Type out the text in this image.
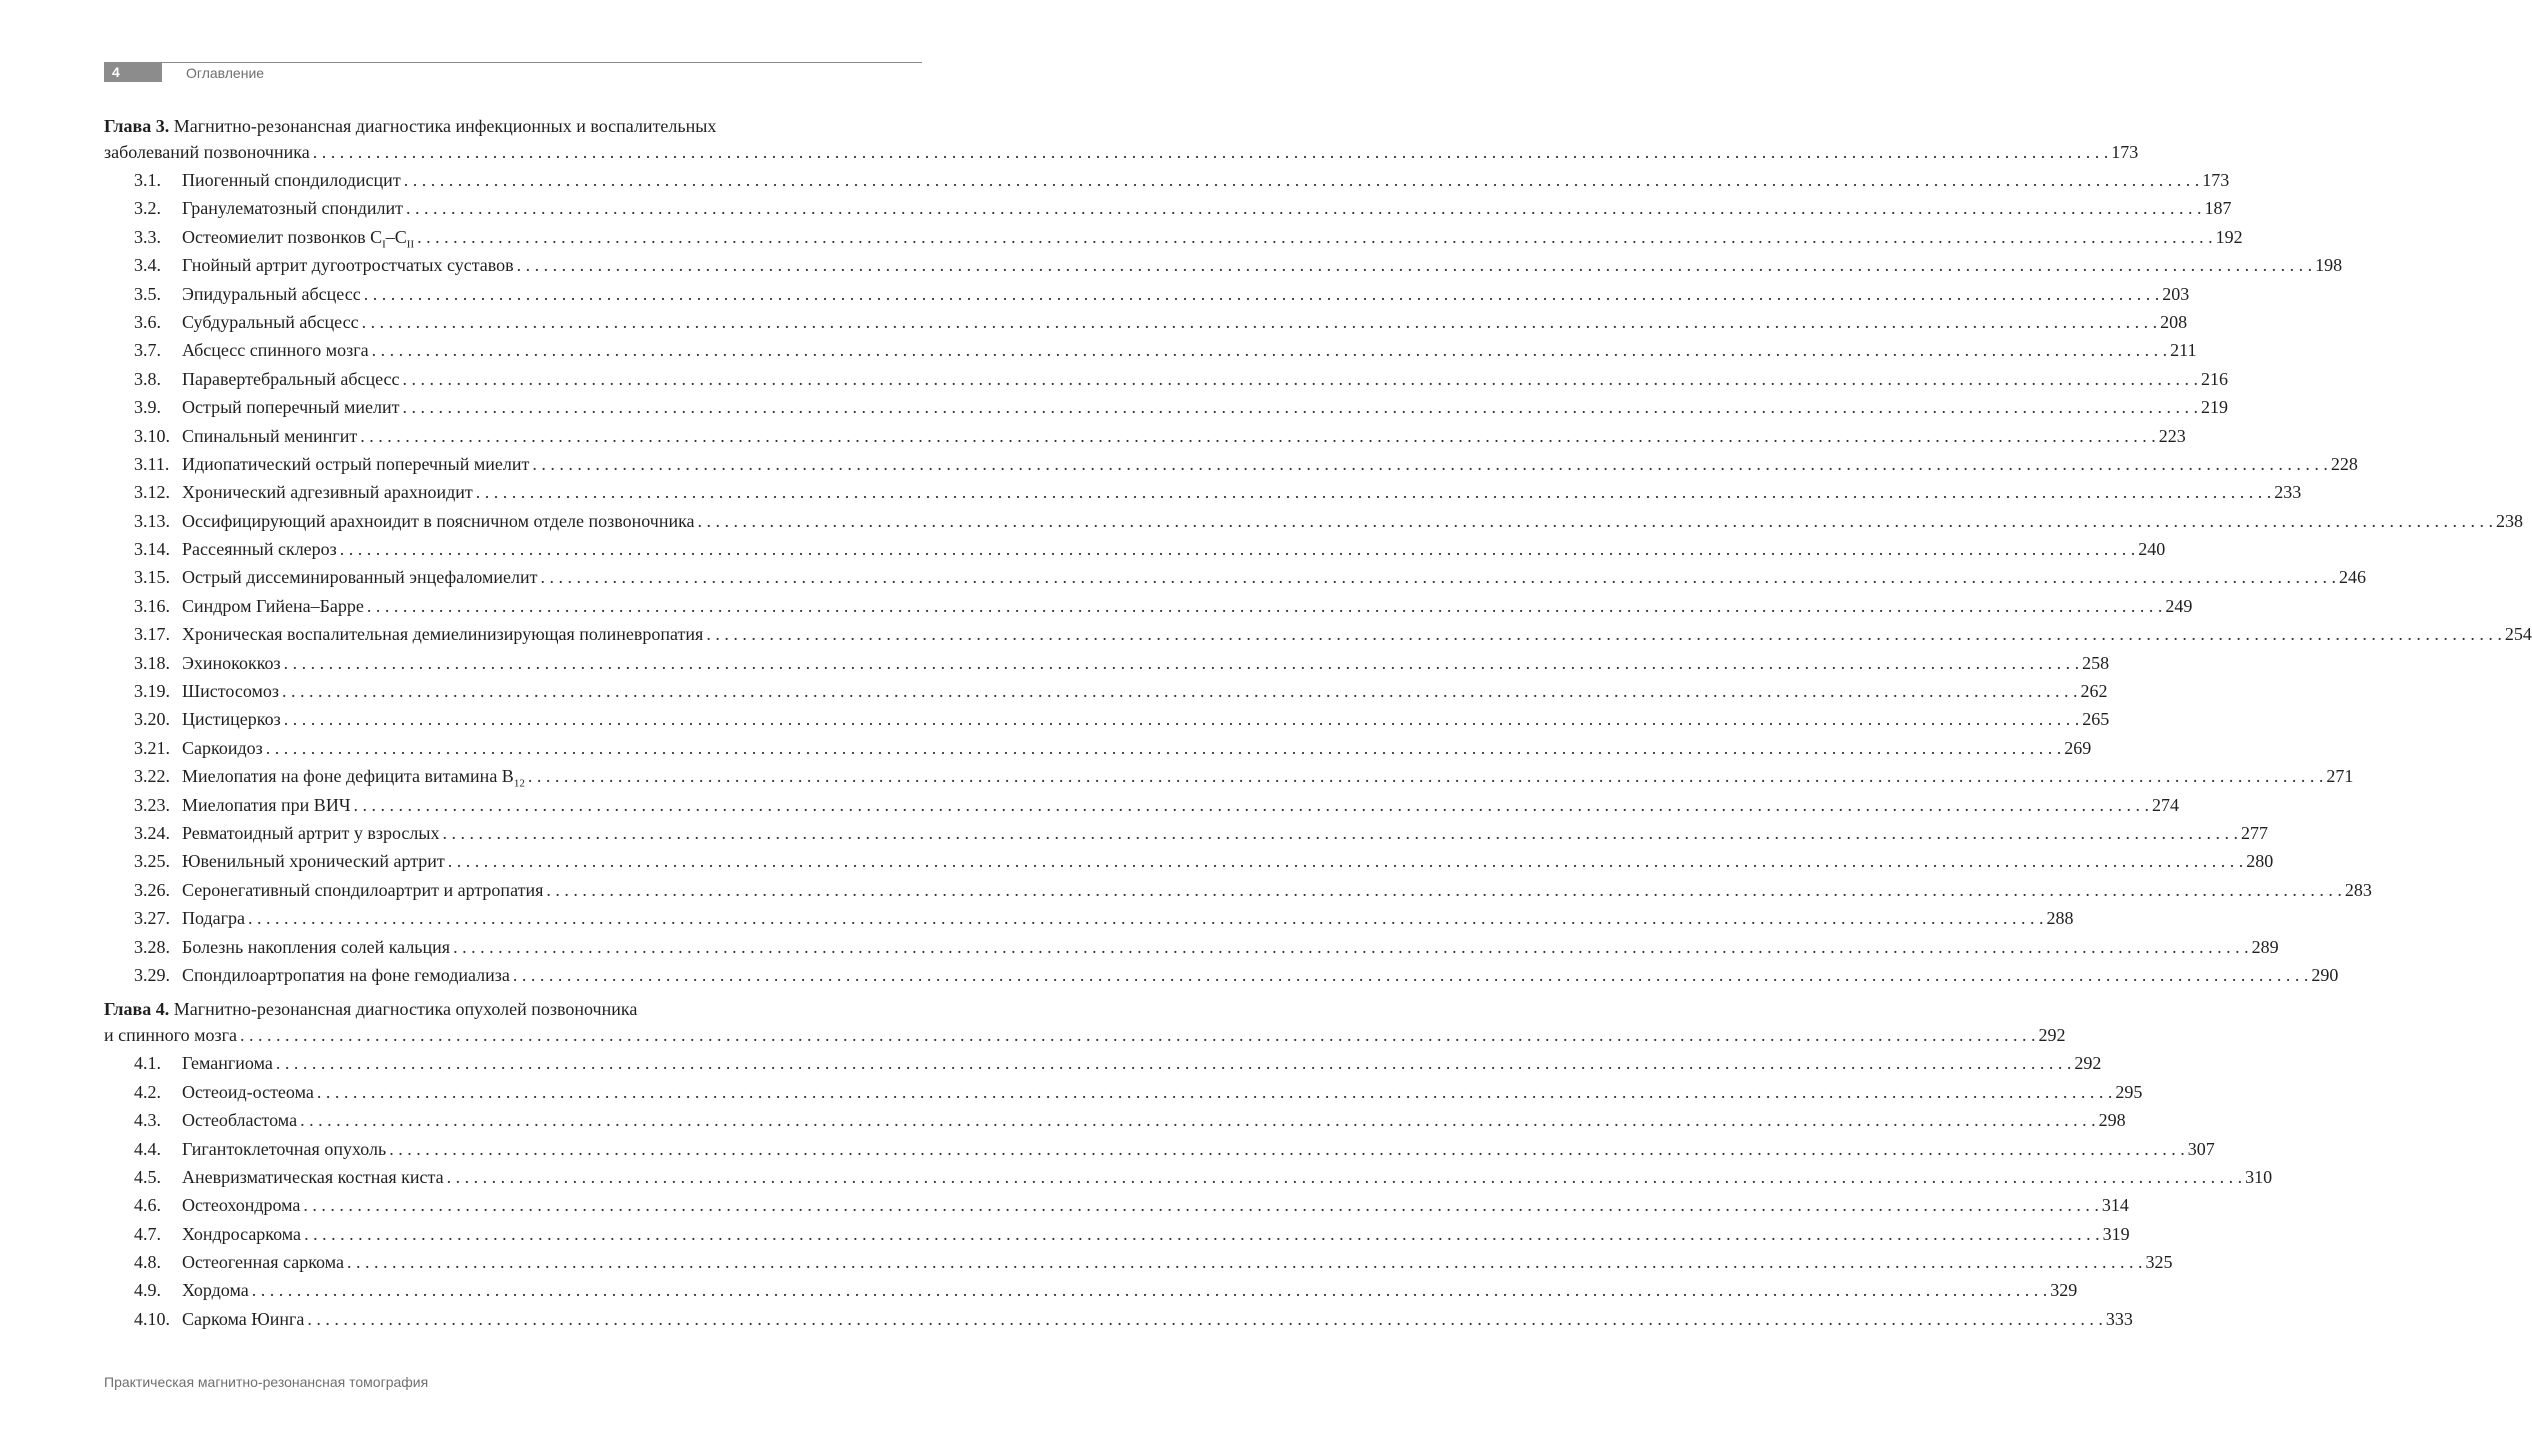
4	Оглавление
Глава 3. Магнитно-резонансная диагностика инфекционных и воспалительных
заболеваний позвоночника . . . . . . . . . . . . . . . . . . . . . . . . . . . . . . . . . . . . . . . . . . . . . . . . . . . . . . . . . . . . . . . . . . . . . . . . . . . . . . . . . . . . . . . . . . . . . . . . . . . . . . . . . . . . . . . . . . . . . . . . . . . . . . . . . . . . . . . . . . . . . . . . . . . . . . . . . . . . . . . . . . . . . . . . . . . . . . . . . . . . . . . . . . . . . . . . . . . . . . . . 173
3.1.	Пиогенный спондилодисцит . . . . . . . . . . . . . . . . . . . . . . . . . . . . . . . . . . . . . . . . . . . . . . . . . . . . . . . . . . . . . . . . . . . . . . . . . . . . . . . . . . . . . . . . . . . . . . . . . . . . . . . . . . . . . . . . . . . . . . . . . . . . . . . . . . . . . . . . . . . . . . . . . . . . . . . . . . . . . . . . . . . . . . . . . . . . . . . . . . . . . . . . . . . . . . . . . . . . . . . . 173
3.2.	Гранулематозный спондилит . . . . . . . . . . . . . . . . . . . . . . . . . . . . . . . . . . . . . . . . . . . . . . . . . . . . . . . . . . . . . . . . . . . . . . . . . . . . . . . . . . . . . . . . . . . . . . . . . . . . . . . . . . . . . . . . . . . . . . . . . . . . . . . . . . . . . . . . . . . . . . . . . . . . . . . . . . . . . . . . . . . . . . . . . . . . . . . . . . . . . . . . . . . . . . . . . . . . . . . . 187
3.3.	Остеомиелит позвонков $С_I-С_{II}$ . . . . . . . . . . . . . . . . . . . . . . . . . . . . . . . . . . . . . . . . . . . . . . . . . . . . . . . . . . . . . . . . . . . . . . . . . . . . . . . . . . . . . . . . . . . . . . . . . . . . . . . . . . . . . . . . . . . . . . . . . . . . . . . . . . . . . . . . . . . . . . . . . . . . . . . . . . . . . . . . . . . . . . . . . . . . . . . . . . . . . . . . . . . . . . . . . . . . . . . . 192
3.4.	Гнойный артрит дугоотростчатых суставов . . . . . . . . . . . . . . . . . . . . . . . . . . . . . . . . . . . . . . . . . . . . . . . . . . . . . . . . . . . . . . . . . . . . . . . . . . . . . . . . . . . . . . . . . . . . . . . . . . . . . . . . . . . . . . . . . . . . . . . . . . . . . . . . . . . . . . . . . . . . . . . . . . . . . . . . . . . . . . . . . . . . . . . . . . . . . . . . . . . . . . . . . . . . . . . . . . . . . . . . 198
3.5.	Эпидуральный абсцесс . . . . . . . . . . . . . . . . . . . . . . . . . . . . . . . . . . . . . . . . . . . . . . . . . . . . . . . . . . . . . . . . . . . . . . . . . . . . . . . . . . . . . . . . . . . . . . . . . . . . . . . . . . . . . . . . . . . . . . . . . . . . . . . . . . . . . . . . . . . . . . . . . . . . . . . . . . . . . . . . . . . . . . . . . . . . . . . . . . . . . . . . . . . . . . . . . . . . . . . . 203
3.6.	Субдуральный абсцесс . . . . . . . . . . . . . . . . . . . . . . . . . . . . . . . . . . . . . . . . . . . . . . . . . . . . . . . . . . . . . . . . . . . . . . . . . . . . . . . . . . . . . . . . . . . . . . . . . . . . . . . . . . . . . . . . . . . . . . . . . . . . . . . . . . . . . . . . . . . . . . . . . . . . . . . . . . . . . . . . . . . . . . . . . . . . . . . . . . . . . . . . . . . . . . . . . . . . . . . . 208
3.7.	Абсцесс спинного мозга . . . . . . . . . . . . . . . . . . . . . . . . . . . . . . . . . . . . . . . . . . . . . . . . . . . . . . . . . . . . . . . . . . . . . . . . . . . . . . . . . . . . . . . . . . . . . . . . . . . . . . . . . . . . . . . . . . . . . . . . . . . . . . . . . . . . . . . . . . . . . . . . . . . . . . . . . . . . . . . . . . . . . . . . . . . . . . . . . . . . . . . . . . . . . . . . . . . . . . . . 211
3.8.	Паравертебральный абсцесс . . . . . . . . . . . . . . . . . . . . . . . . . . . . . . . . . . . . . . . . . . . . . . . . . . . . . . . . . . . . . . . . . . . . . . . . . . . . . . . . . . . . . . . . . . . . . . . . . . . . . . . . . . . . . . . . . . . . . . . . . . . . . . . . . . . . . . . . . . . . . . . . . . . . . . . . . . . . . . . . . . . . . . . . . . . . . . . . . . . . . . . . . . . . . . . . . . . . . . . . 216
3.9.	Острый поперечный миелит . . . . . . . . . . . . . . . . . . . . . . . . . . . . . . . . . . . . . . . . . . . . . . . . . . . . . . . . . . . . . . . . . . . . . . . . . . . . . . . . . . . . . . . . . . . . . . . . . . . . . . . . . . . . . . . . . . . . . . . . . . . . . . . . . . . . . . . . . . . . . . . . . . . . . . . . . . . . . . . . . . . . . . . . . . . . . . . . . . . . . . . . . . . . . . . . . . . . . . . . 219
3.10. Спинальный менингит . . . . . . . . . . . . . . . . . . . . . . . . . . . . . . . . . . . . . . . . . . . . . . . . . . . . . . . . . . . . . . . . . . . . . . . . . . . . . . . . . . . . . . . . . . . . . . . . . . . . . . . . . . . . . . . . . . . . . . . . . . . . . . . . . . . . . . . . . . . . . . . . . . . . . . . . . . . . . . . . . . . . . . . . . . . . . . . . . . . . . . . . . . . . . . . . . . . . . . . . 223
3.11. Идиопатический острый поперечный миелит . . . . . . . . . . . . . . . . . . . . . . . . . . . . . . . . . . . . . . . . . . . . . . . . . . . . . . . . . . . . . . . . . . . . . . . . . . . . . . . . . . . . . . . . . . . . . . . . . . . . . . . . . . . . . . . . . . . . . . . . . . . . . . . . . . . . . . . . . . . . . . . . . . . . . . . . . . . . . . . . . . . . . . . . . . . . . . . . . . . . . . . . . . . . . . . . . . . . . . . . 228
3.12. Хронический адгезивный арахноидит . . . . . . . . . . . . . . . . . . . . . . . . . . . . . . . . . . . . . . . . . . . . . . . . . . . . . . . . . . . . . . . . . . . . . . . . . . . . . . . . . . . . . . . . . . . . . . . . . . . . . . . . . . . . . . . . . . . . . . . . . . . . . . . . . . . . . . . . . . . . . . . . . . . . . . . . . . . . . . . . . . . . . . . . . . . . . . . . . . . . . . . . . . . . . . . . . . . . . . . . 233
3.13. Оссифицирующий арахноидит в поясничном отделе позвоночника . . . . . . . . . . . . . . . . . . . . . . . . . . . . . . . . . . . . . . . . . . . . . . . . . . . . . . . . . . . . . . . . . . . . . . . . . . . . . . . . . . . . . . . . . . . . . . . . . . . . . . . . . . . . . . . . . . . . . . . . . . . . . . . . . . . . . . . . . . . . . . . . . . . . . . . . . . . . . . . . . . . . . . . . . . . . . . . . . . . . . . . . . . . . . . . . . . . . . . . . 238
3.14. Рассеянный склероз . . . . . . . . . . . . . . . . . . . . . . . . . . . . . . . . . . . . . . . . . . . . . . . . . . . . . . . . . . . . . . . . . . . . . . . . . . . . . . . . . . . . . . . . . . . . . . . . . . . . . . . . . . . . . . . . . . . . . . . . . . . . . . . . . . . . . . . . . . . . . . . . . . . . . . . . . . . . . . . . . . . . . . . . . . . . . . . . . . . . . . . . . . . . . . . . . . . . . . . . 240
3.15. Острый диссеминированный энцефаломиелит . . . . . . . . . . . . . . . . . . . . . . . . . . . . . . . . . . . . . . . . . . . . . . . . . . . . . . . . . . . . . . . . . . . . . . . . . . . . . . . . . . . . . . . . . . . . . . . . . . . . . . . . . . . . . . . . . . . . . . . . . . . . . . . . . . . . . . . . . . . . . . . . . . . . . . . . . . . . . . . . . . . . . . . . . . . . . . . . . . . . . . . . . . . . . . . . . . . . . . . . 246
3.16. Синдром Гийена–Барре . . . . . . . . . . . . . . . . . . . . . . . . . . . . . . . . . . . . . . . . . . . . . . . . . . . . . . . . . . . . . . . . . . . . . . . . . . . . . . . . . . . . . . . . . . . . . . . . . . . . . . . . . . . . . . . . . . . . . . . . . . . . . . . . . . . . . . . . . . . . . . . . . . . . . . . . . . . . . . . . . . . . . . . . . . . . . . . . . . . . . . . . . . . . . . . . . . . . . . . . 249
3.17. Хроническая воспалительная демиелинизирующая полиневропатия . . . . . . . . . . . . . . . . . . . . . . . . . . . . . . . . . . . . . . . . . . . . . . . . . . . . . . . . . . . . . . . . . . . . . . . . . . . . . . . . . . . . . . . . . . . . . . . . . . . . . . . . . . . . . . . . . . . . . . . . . . . . . . . . . . . . . . . . . . . . . . . . . . . . . . . . . . . . . . . . . . . . . . . . . . . . . . . . . . . . . . . . . . . . . . . . . . . . . . . . 254
3.18. Эхинококкоз . . . . . . . . . . . . . . . . . . . . . . . . . . . . . . . . . . . . . . . . . . . . . . . . . . . . . . . . . . . . . . . . . . . . . . . . . . . . . . . . . . . . . . . . . . . . . . . . . . . . . . . . . . . . . . . . . . . . . . . . . . . . . . . . . . . . . . . . . . . . . . . . . . . . . . . . . . . . . . . . . . . . . . . . . . . . . . . . . . . . . . . . . . . . . . . . . . . . . . . . 258
3.19. Шистосомоз . . . . . . . . . . . . . . . . . . . . . . . . . . . . . . . . . . . . . . . . . . . . . . . . . . . . . . . . . . . . . . . . . . . . . . . . . . . . . . . . . . . . . . . . . . . . . . . . . . . . . . . . . . . . . . . . . . . . . . . . . . . . . . . . . . . . . . . . . . . . . . . . . . . . . . . . . . . . . . . . . . . . . . . . . . . . . . . . . . . . . . . . . . . . . . . . . . . . . . . . 262
3.20. Цистицеркоз . . . . . . . . . . . . . . . . . . . . . . . . . . . . . . . . . . . . . . . . . . . . . . . . . . . . . . . . . . . . . . . . . . . . . . . . . . . . . . . . . . . . . . . . . . . . . . . . . . . . . . . . . . . . . . . . . . . . . . . . . . . . . . . . . . . . . . . . . . . . . . . . . . . . . . . . . . . . . . . . . . . . . . . . . . . . . . . . . . . . . . . . . . . . . . . . . . . . . . . . 265
3.21. Саркоидоз . . . . . . . . . . . . . . . . . . . . . . . . . . . . . . . . . . . . . . . . . . . . . . . . . . . . . . . . . . . . . . . . . . . . . . . . . . . . . . . . . . . . . . . . . . . . . . . . . . . . . . . . . . . . . . . . . . . . . . . . . . . . . . . . . . . . . . . . . . . . . . . . . . . . . . . . . . . . . . . . . . . . . . . . . . . . . . . . . . . . . . . . . . . . . . . . . . . . . . . . 269
3.22. Миелопатия на фоне дефицита витамина $В_{12}$ . . . . . . . . . . . . . . . . . . . . . . . . . . . . . . . . . . . . . . . . . . . . . . . . . . . . . . . . . . . . . . . . . . . . . . . . . . . . . . . . . . . . . . . . . . . . . . . . . . . . . . . . . . . . . . . . . . . . . . . . . . . . . . . . . . . . . . . . . . . . . . . . . . . . . . . . . . . . . . . . . . . . . . . . . . . . . . . . . . . . . . . . . . . . . . . . . . . . . . . . 271
3.23. Миелопатия при ВИЧ . . . . . . . . . . . . . . . . . . . . . . . . . . . . . . . . . . . . . . . . . . . . . . . . . . . . . . . . . . . . . . . . . . . . . . . . . . . . . . . . . . . . . . . . . . . . . . . . . . . . . . . . . . . . . . . . . . . . . . . . . . . . . . . . . . . . . . . . . . . . . . . . . . . . . . . . . . . . . . . . . . . . . . . . . . . . . . . . . . . . . . . . . . . . . . . . . . . . . . . . 274
3.24. Ревматоидный артрит у взрослых . . . . . . . . . . . . . . . . . . . . . . . . . . . . . . . . . . . . . . . . . . . . . . . . . . . . . . . . . . . . . . . . . . . . . . . . . . . . . . . . . . . . . . . . . . . . . . . . . . . . . . . . . . . . . . . . . . . . . . . . . . . . . . . . . . . . . . . . . . . . . . . . . . . . . . . . . . . . . . . . . . . . . . . . . . . . . . . . . . . . . . . . . . . . . . . . . . . . . . . . 277
3.25. Ювенильный хронический артрит . . . . . . . . . . . . . . . . . . . . . . . . . . . . . . . . . . . . . . . . . . . . . . . . . . . . . . . . . . . . . . . . . . . . . . . . . . . . . . . . . . . . . . . . . . . . . . . . . . . . . . . . . . . . . . . . . . . . . . . . . . . . . . . . . . . . . . . . . . . . . . . . . . . . . . . . . . . . . . . . . . . . . . . . . . . . . . . . . . . . . . . . . . . . . . . . . . . . . . . . 280
3.26. Серонегативный спондилоартрит и артропатия . . . . . . . . . . . . . . . . . . . . . . . . . . . . . . . . . . . . . . . . . . . . . . . . . . . . . . . . . . . . . . . . . . . . . . . . . . . . . . . . . . . . . . . . . . . . . . . . . . . . . . . . . . . . . . . . . . . . . . . . . . . . . . . . . . . . . . . . . . . . . . . . . . . . . . . . . . . . . . . . . . . . . . . . . . . . . . . . . . . . . . . . . . . . . . . . . . . . . . . . 283
3.27. Подагра . . . . . . . . . . . . . . . . . . . . . . . . . . . . . . . . . . . . . . . . . . . . . . . . . . . . . . . . . . . . . . . . . . . . . . . . . . . . . . . . . . . . . . . . . . . . . . . . . . . . . . . . . . . . . . . . . . . . . . . . . . . . . . . . . . . . . . . . . . . . . . . . . . . . . . . . . . . . . . . . . . . . . . . . . . . . . . . . . . . . . . . . . . . . . . . . . . . . . . . . 288
3.28. Болезнь накопления солей кальция . . . . . . . . . . . . . . . . . . . . . . . . . . . . . . . . . . . . . . . . . . . . . . . . . . . . . . . . . . . . . . . . . . . . . . . . . . . . . . . . . . . . . . . . . . . . . . . . . . . . . . . . . . . . . . . . . . . . . . . . . . . . . . . . . . . . . . . . . . . . . . . . . . . . . . . . . . . . . . . . . . . . . . . . . . . . . . . . . . . . . . . . . . . . . . . . . . . . . . . . 289
3.29. Спондилоартропатия на фоне гемодиализа . . . . . . . . . . . . . . . . . . . . . . . . . . . . . . . . . . . . . . . . . . . . . . . . . . . . . . . . . . . . . . . . . . . . . . . . . . . . . . . . . . . . . . . . . . . . . . . . . . . . . . . . . . . . . . . . . . . . . . . . . . . . . . . . . . . . . . . . . . . . . . . . . . . . . . . . . . . . . . . . . . . . . . . . . . . . . . . . . . . . . . . . . . . . . . . . . . . . . . . . 290
Глава 4. Магнитно-резонансная диагностика опухолей позвоночника
и спинного мозга . . . . . . . . . . . . . . . . . . . . . . . . . . . . . . . . . . . . . . . . . . . . . . . . . . . . . . . . . . . . . . . . . . . . . . . . . . . . . . . . . . . . . . . . . . . . . . . . . . . . . . . . . . . . . . . . . . . . . . . . . . . . . . . . . . . . . . . . . . . . . . . . . . . . . . . . . . . . . . . . . . . . . . . . . . . . . . . . . . . . . . . . . . . . . . . . . . . . . . . . 292
4.1.	Гемангиома . . . . . . . . . . . . . . . . . . . . . . . . . . . . . . . . . . . . . . . . . . . . . . . . . . . . . . . . . . . . . . . . . . . . . . . . . . . . . . . . . . . . . . . . . . . . . . . . . . . . . . . . . . . . . . . . . . . . . . . . . . . . . . . . . . . . . . . . . . . . . . . . . . . . . . . . . . . . . . . . . . . . . . . . . . . . . . . . . . . . . . . . . . . . . . . . . . . . . . . . 292
4.2.	Остеоид-остеома . . . . . . . . . . . . . . . . . . . . . . . . . . . . . . . . . . . . . . . . . . . . . . . . . . . . . . . . . . . . . . . . . . . . . . . . . . . . . . . . . . . . . . . . . . . . . . . . . . . . . . . . . . . . . . . . . . . . . . . . . . . . . . . . . . . . . . . . . . . . . . . . . . . . . . . . . . . . . . . . . . . . . . . . . . . . . . . . . . . . . . . . . . . . . . . . . . . . . . . . 295
4.3.	Остеобластома . . . . . . . . . . . . . . . . . . . . . . . . . . . . . . . . . . . . . . . . . . . . . . . . . . . . . . . . . . . . . . . . . . . . . . . . . . . . . . . . . . . . . . . . . . . . . . . . . . . . . . . . . . . . . . . . . . . . . . . . . . . . . . . . . . . . . . . . . . . . . . . . . . . . . . . . . . . . . . . . . . . . . . . . . . . . . . . . . . . . . . . . . . . . . . . . . . . . . . . . 298
4.4.	Гигантоклеточная опухоль . . . . . . . . . . . . . . . . . . . . . . . . . . . . . . . . . . . . . . . . . . . . . . . . . . . . . . . . . . . . . . . . . . . . . . . . . . . . . . . . . . . . . . . . . . . . . . . . . . . . . . . . . . . . . . . . . . . . . . . . . . . . . . . . . . . . . . . . . . . . . . . . . . . . . . . . . . . . . . . . . . . . . . . . . . . . . . . . . . . . . . . . . . . . . . . . . . . . . . . . 307
4.5.	Аневризматическая костная киста . . . . . . . . . . . . . . . . . . . . . . . . . . . . . . . . . . . . . . . . . . . . . . . . . . . . . . . . . . . . . . . . . . . . . . . . . . . . . . . . . . . . . . . . . . . . . . . . . . . . . . . . . . . . . . . . . . . . . . . . . . . . . . . . . . . . . . . . . . . . . . . . . . . . . . . . . . . . . . . . . . . . . . . . . . . . . . . . . . . . . . . . . . . . . . . . . . . . . . . . 310
4.6.	Остеохондрома . . . . . . . . . . . . . . . . . . . . . . . . . . . . . . . . . . . . . . . . . . . . . . . . . . . . . . . . . . . . . . . . . . . . . . . . . . . . . . . . . . . . . . . . . . . . . . . . . . . . . . . . . . . . . . . . . . . . . . . . . . . . . . . . . . . . . . . . . . . . . . . . . . . . . . . . . . . . . . . . . . . . . . . . . . . . . . . . . . . . . . . . . . . . . . . . . . . . . . . . 314
4.7.	Хондросаркома . . . . . . . . . . . . . . . . . . . . . . . . . . . . . . . . . . . . . . . . . . . . . . . . . . . . . . . . . . . . . . . . . . . . . . . . . . . . . . . . . . . . . . . . . . . . . . . . . . . . . . . . . . . . . . . . . . . . . . . . . . . . . . . . . . . . . . . . . . . . . . . . . . . . . . . . . . . . . . . . . . . . . . . . . . . . . . . . . . . . . . . . . . . . . . . . . . . . . . . . 319
4.8.	Остеогенная саркома . . . . . . . . . . . . . . . . . . . . . . . . . . . . . . . . . . . . . . . . . . . . . . . . . . . . . . . . . . . . . . . . . . . . . . . . . . . . . . . . . . . . . . . . . . . . . . . . . . . . . . . . . . . . . . . . . . . . . . . . . . . . . . . . . . . . . . . . . . . . . . . . . . . . . . . . . . . . . . . . . . . . . . . . . . . . . . . . . . . . . . . . . . . . . . . . . . . . . . . . 325
4.9.	Хордома . . . . . . . . . . . . . . . . . . . . . . . . . . . . . . . . . . . . . . . . . . . . . . . . . . . . . . . . . . . . . . . . . . . . . . . . . . . . . . . . . . . . . . . . . . . . . . . . . . . . . . . . . . . . . . . . . . . . . . . . . . . . . . . . . . . . . . . . . . . . . . . . . . . . . . . . . . . . . . . . . . . . . . . . . . . . . . . . . . . . . . . . . . . . . . . . . . . . . . . . 329
4.10. Саркома Юинга . . . . . . . . . . . . . . . . . . . . . . . . . . . . . . . . . . . . . . . . . . . . . . . . . . . . . . . . . . . . . . . . . . . . . . . . . . . . . . . . . . . . . . . . . . . . . . . . . . . . . . . . . . . . . . . . . . . . . . . . . . . . . . . . . . . . . . . . . . . . . . . . . . . . . . . . . . . . . . . . . . . . . . . . . . . . . . . . . . . . . . . . . . . . . . . . . . . . . . . . 333
Практическая магнитно-резонансная томография
